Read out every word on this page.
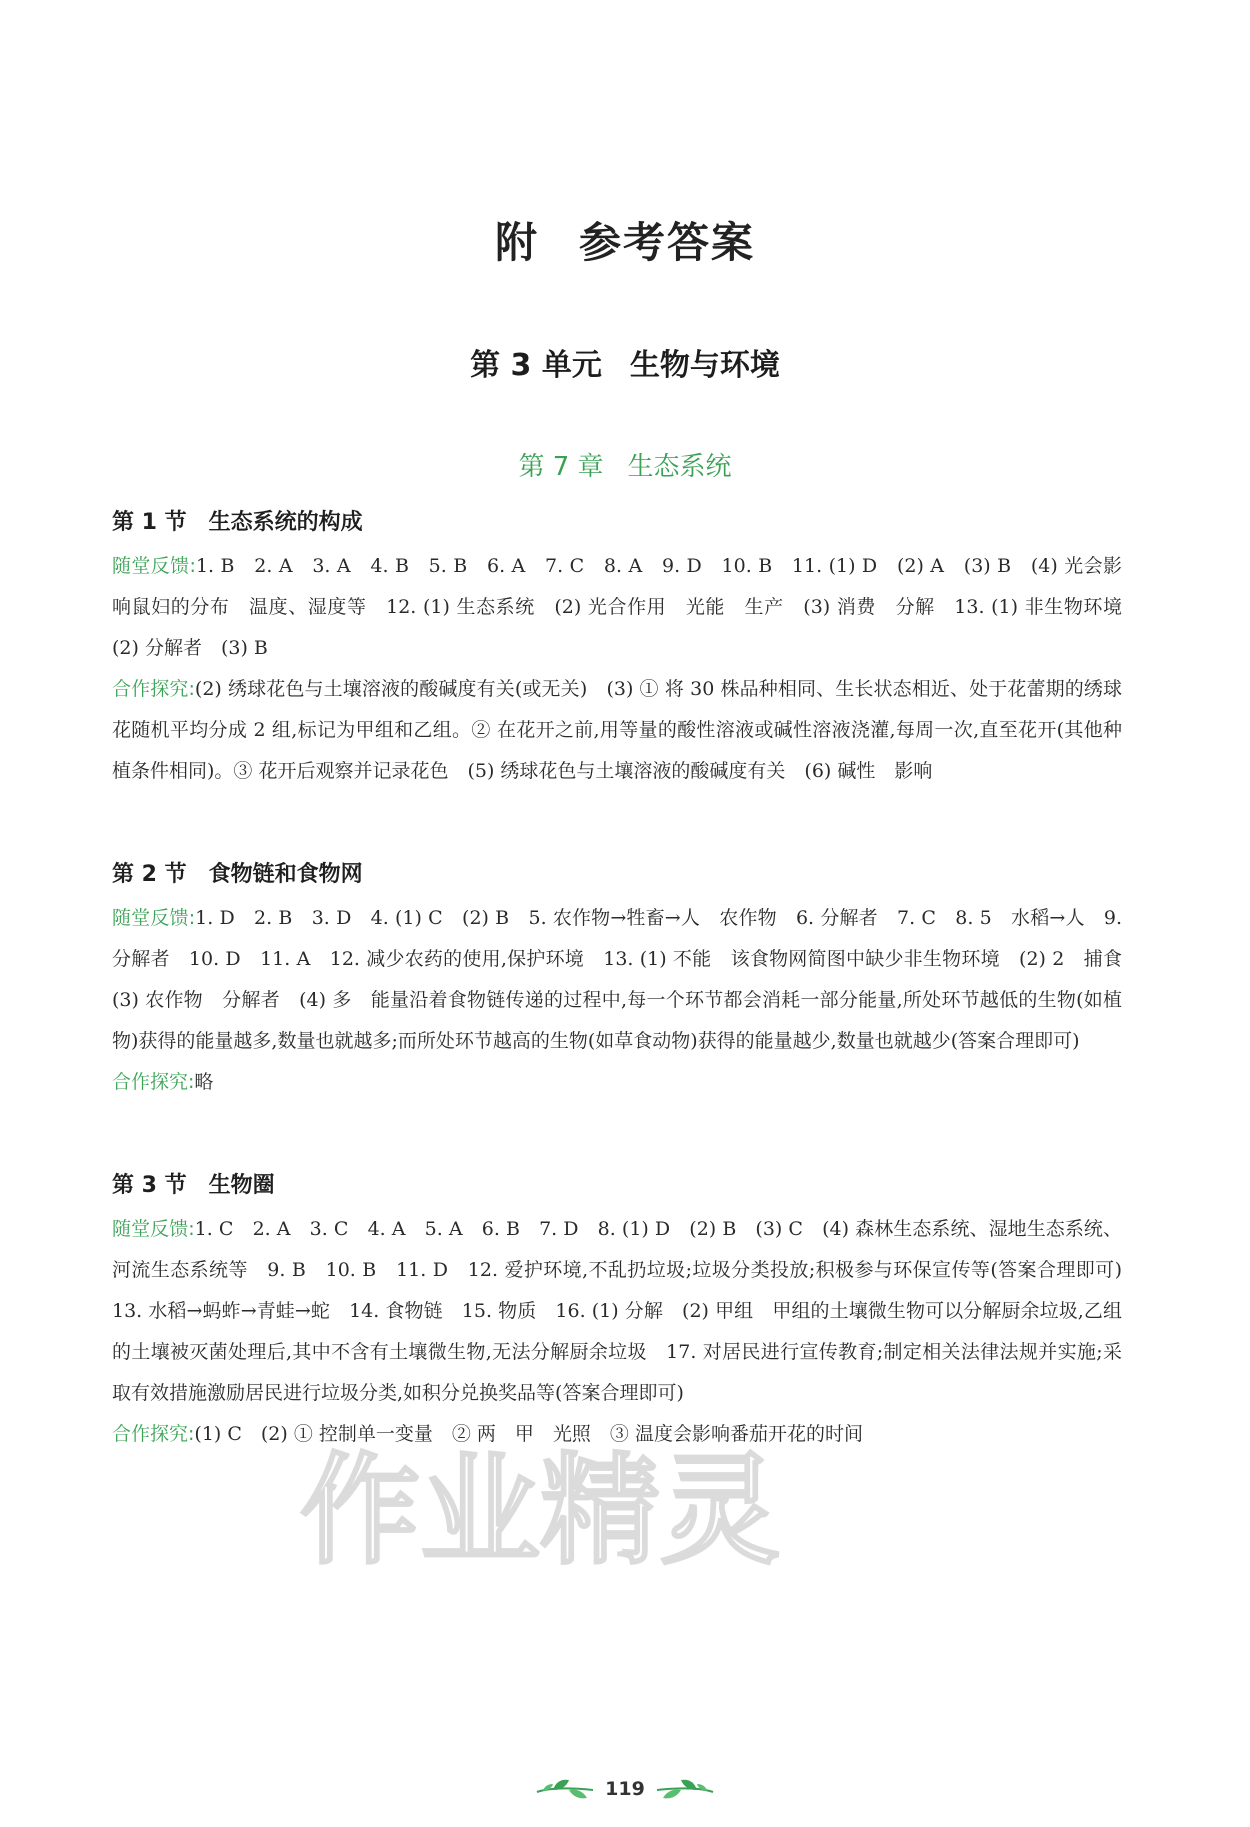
附 参考答案
第 3 单元 生物与环境
第 7 章 生态系统
第 1 节 生态系统的构成

随堂反馈:1. B　2. A　3. A　4. B　5. B　6. A　7. C　8. A　9. D　10. B　11. (1) D　(2) A　(3) B　(4) 光会影响鼠妇的分布　温度、湿度等　12. (1) 生态系统　(2) 光合作用　光能　生产　(3) 消费　分解　13. (1) 非生物环境　(2) 分解者　(3) B

合作探究:(2) 绣球花色与土壤溶液的酸碱度有关(或无关)　(3) ① 将 30 株品种相同、生长状态相近、处于花蕾期的绣球花随机平均分成 2 组,标记为甲组和乙组。② 在花开之前,用等量的酸性溶液或碱性溶液浇灌,每周一次,直至花开(其他种植条件相同)。③ 花开后观察并记录花色　(5) 绣球花色与土壤溶液的酸碱度有关　(6) 碱性　影响

第 2 节 食物链和食物网

随堂反馈:1. D　2. B　3. D　4. (1) C　(2) B　5. 农作物→牲畜→人　农作物　6. 分解者　7. C　8. 5　水稻→人　9. 分解者　10. D　11. A　12. 减少农药的使用,保护环境　13. (1) 不能　该食物网简图中缺少非生物环境　(2) 2　捕食　(3) 农作物　分解者　(4) 多　能量沿着食物链传递的过程中,每一个环节都会消耗一部分能量,所处环节越低的生物(如植物)获得的能量越多,数量也就越多;而所处环节越高的生物(如草食动物)获得的能量越少,数量也就越少(答案合理即可)

合作探究:略

第 3 节 生物圈

随堂反馈:1. C　2. A　3. C　4. A　5. A　6. B　7. D　8. (1) D　(2) B　(3) C　(4) 森林生态系统、湿地生态系统、河流生态系统等　9. B　10. B　11. D　12. 爱护环境,不乱扔垃圾;垃圾分类投放;积极参与环保宣传等(答案合理即可)　13. 水稻→蚂蚱→青蛙→蛇　14. 食物链　15. 物质　16. (1) 分解　(2) 甲组　甲组的土壤微生物可以分解厨余垃圾,乙组的土壤被灭菌处理后,其中不含有土壤微生物,无法分解厨余垃圾　17. 对居民进行宣传教育;制定相关法律法规并实施;采取有效措施激励居民进行垃圾分类,如积分兑换奖品等(答案合理即可)

合作探究:(1) C　(2) ① 控制单一变量　② 两　甲　光照　③ 温度会影响番茄开花的时间

作业精灵
119
